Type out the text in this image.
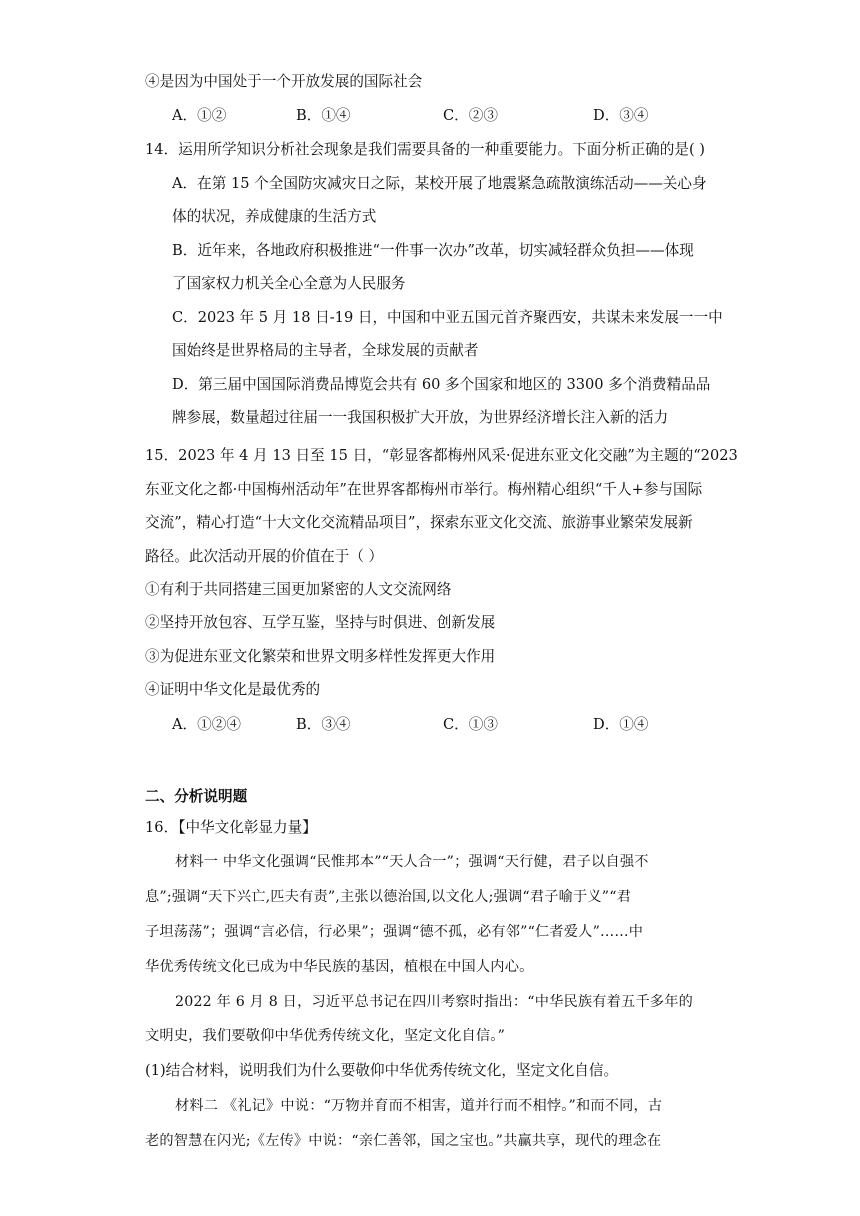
④是因为中国处于一个开放发展的国际社会
A．①②	B．①④	C．②③	D．③④
14．运用所学知识分析社会现象是我们需要具备的一种重要能力。下面分析正确的是( )
A．在第 15 个全国防灾减灾日之际，某校开展了地震紧急疏散演练活动——关心身
体的状况，养成健康的生活方式
B．近年来，各地政府积极推进“一件事一次办”改革，切实减轻群众负担——体现
了国家权力机关全心全意为人民服务
C．2023 年 5 月 18 日-19 日，中国和中亚五国元首齐聚西安，共谋未来发展一一中
国始终是世界格局的主导者，全球发展的贡献者
D．第三届中国国际消费品博览会共有 60 多个国家和地区的 3300 多个消费精品品
牌参展，数量超过往届一一我国积极扩大开放，为世界经济增长注入新的活力
15．2023 年 4 月 13 日至 15 日，“彰显客都梅州风采·促进东亚文化交融”为主题的“2023
东亚文化之都·中国梅州活动年”在世界客都梅州市举行。梅州精心组织“千人+参与国际
交流”，精心打造“十大文化交流精品项目”，探索东亚文化交流、旅游事业繁荣发展新
路径。此次活动开展的价值在于（ ）
①有利于共同搭建三国更加紧密的人文交流网络
②坚持开放包容、互学互鉴，坚持与时俱进、创新发展
③为促进东亚文化繁荣和世界文明多样性发挥更大作用
④证明中华文化是最优秀的
A．①②④	B．③④	C．①③	D．①④
二、分析说明题
16．【中华文化彰显力量】
材料一 中华文化强调“民惟邦本”“天人合一”；强调“天行健，君子以自强不
息”;强调“天下兴亡,匹夫有责”,主张以德治国,以文化人;强调“君子喻于义”“君
子坦荡荡”；强调“言必信，行必果”；强调“德不孤，必有邻”“仁者爱人”……中
华优秀传统文化已成为中华民族的基因，植根在中国人内心。
2022 年 6 月 8 日，习近平总书记在四川考察时指出：“中华民族有着五千多年的
文明史，我们要敬仰中华优秀传统文化，坚定文化自信。”
(1)结合材料，说明我们为什么要敬仰中华优秀传统文化，坚定文化自信。
材料二 《礼记》中说：“万物并育而不相害，道并行而不相悖。”和而不同，古
老的智慧在闪光;《左传》中说：“亲仁善邻，国之宝也。”共赢共享，现代的理念在
